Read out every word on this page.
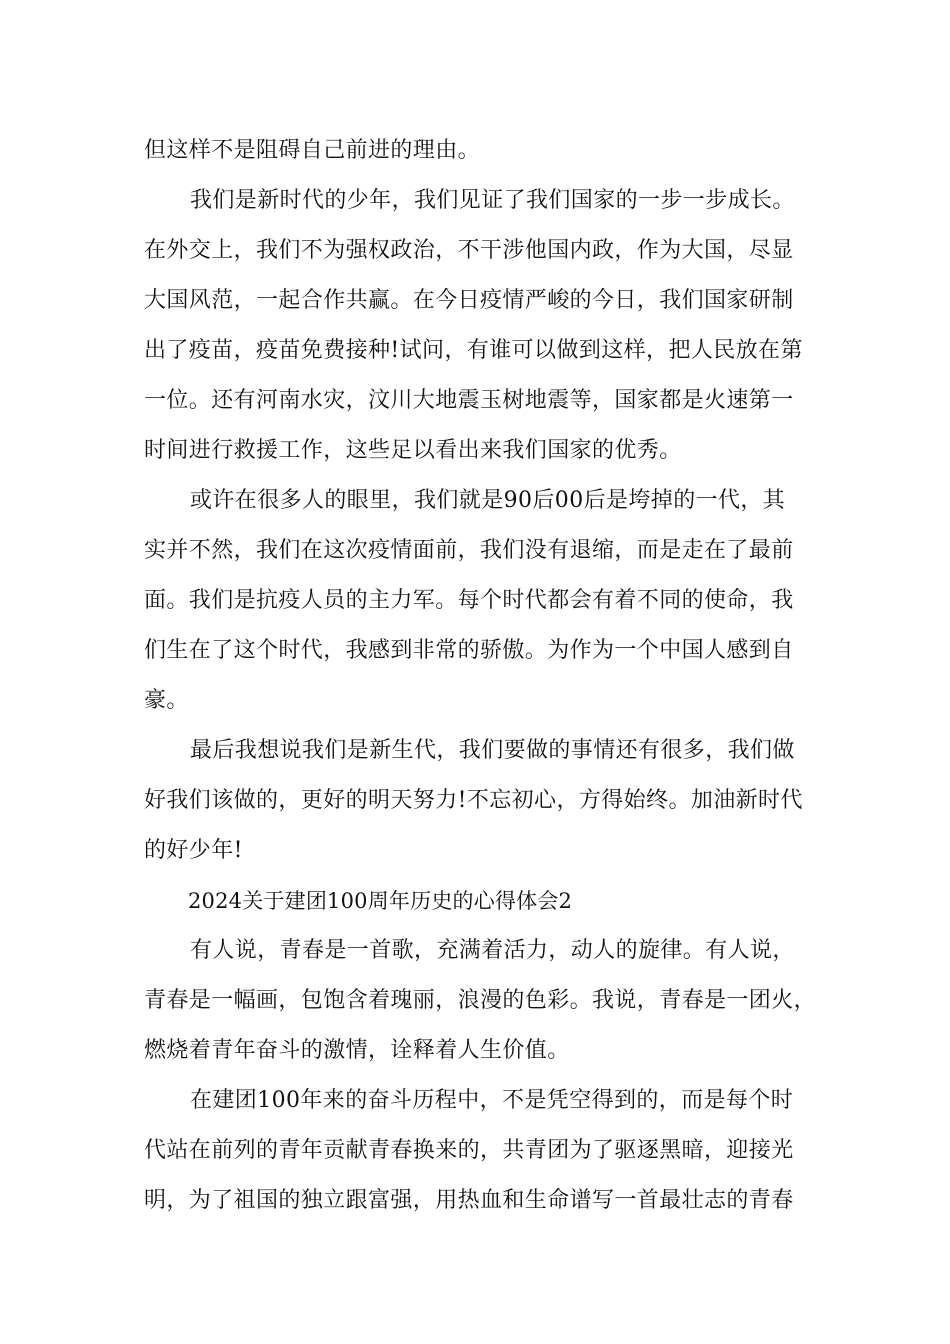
但这样不是阻碍自己前进的理由。
我们是新时代的少年，我们见证了我们国家的一步一步成长。
在外交上，我们不为强权政治，不干涉他国内政，作为大国，尽显
大国风范，一起合作共赢。在今日疫情严峻的今日，我们国家研制
出了疫苗，疫苗免费接种!试问，有谁可以做到这样，把人民放在第
一位。还有河南水灾，汶川大地震玉树地震等，国家都是火速第一
时间进行救援工作，这些足以看出来我们国家的优秀。
或许在很多人的眼里，我们就是90后00后是垮掉的一代，其
实并不然，我们在这次疫情面前，我们没有退缩，而是走在了最前
面。我们是抗疫人员的主力军。每个时代都会有着不同的使命，我
们生在了这个时代，我感到非常的骄傲。为作为一个中国人感到自
豪。
最后我想说我们是新生代，我们要做的事情还有很多，我们做
好我们该做的，更好的明天努力!不忘初心，方得始终。加油新时代
的好少年!
2024关于建团100周年历史的心得体会2
有人说，青春是一首歌，充满着活力，动人的旋律。有人说，
青春是一幅画，包饱含着瑰丽，浪漫的色彩。我说，青春是一团火，
燃烧着青年奋斗的激情，诠释着人生价值。
在建团100年来的奋斗历程中，不是凭空得到的，而是每个时
代站在前列的青年贡献青春换来的，共青团为了驱逐黑暗，迎接光
明，为了祖国的独立跟富强，用热血和生命谱写一首最壮志的青春
